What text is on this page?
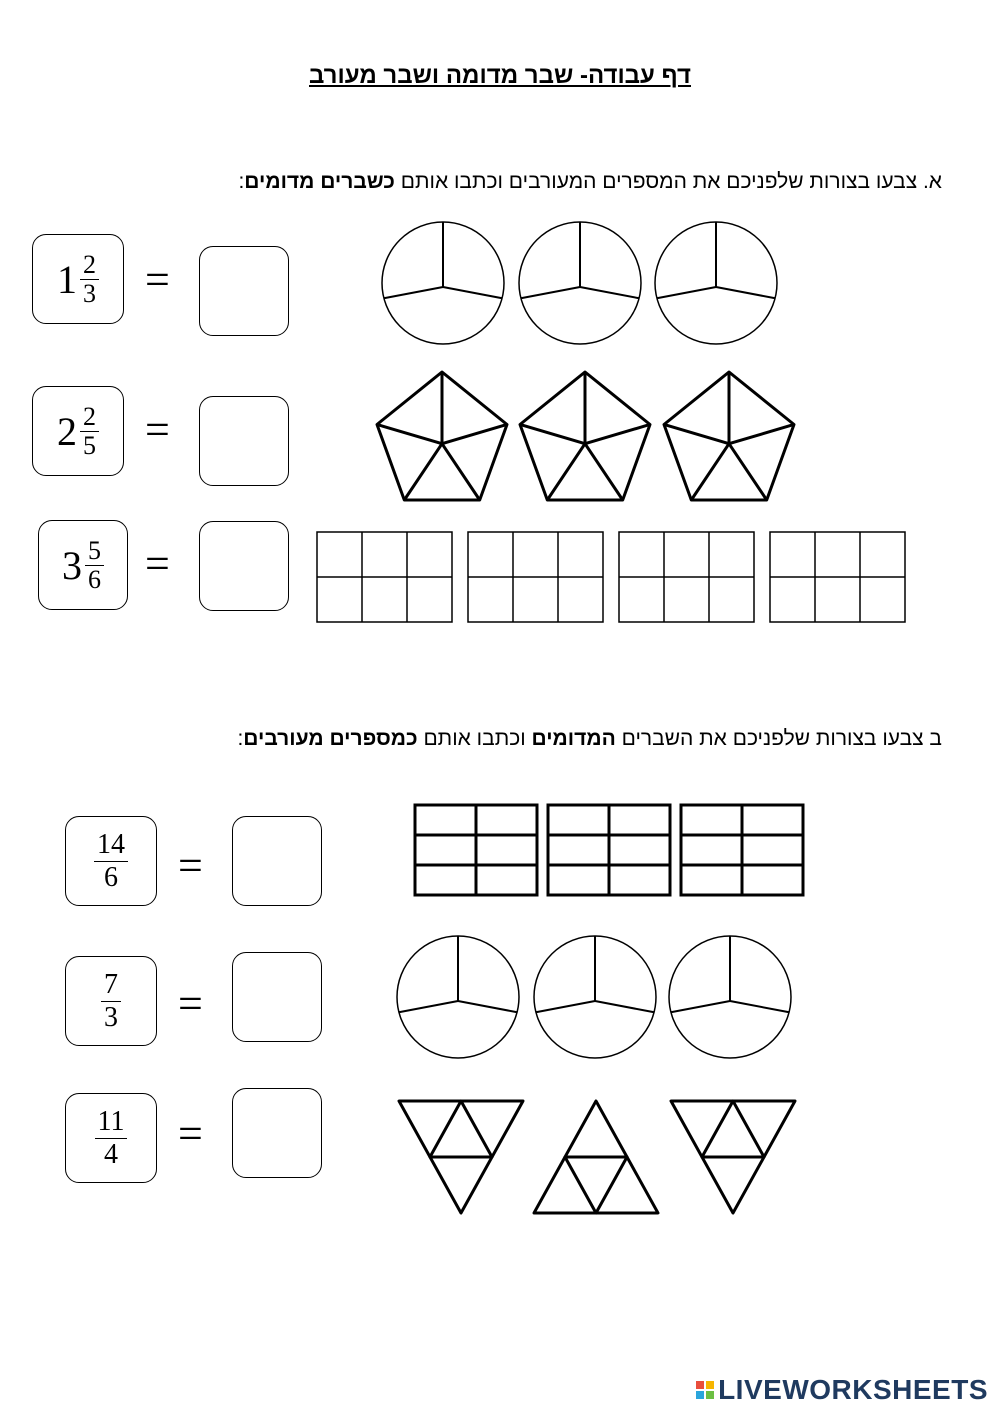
דף עבודה- שבר מדומה ושבר מעורב
א. צבעו בצורות שלפניכם את המספרים המעורבים וכתבו אותם כשברים מדומים:
ב צבעו בצורות שלפניכם את השברים המדומים וכתבו אותם כמספרים מעורבים:
$1 \frac{2}{3}$ =
$2 \frac{2}{5}$ =
$3 \frac{5}{6}$ =
$\frac{14}{6}$ =
$\frac{7}{3}$ =
$\frac{11}{4}$ =
LIVEWORKSHEETS
